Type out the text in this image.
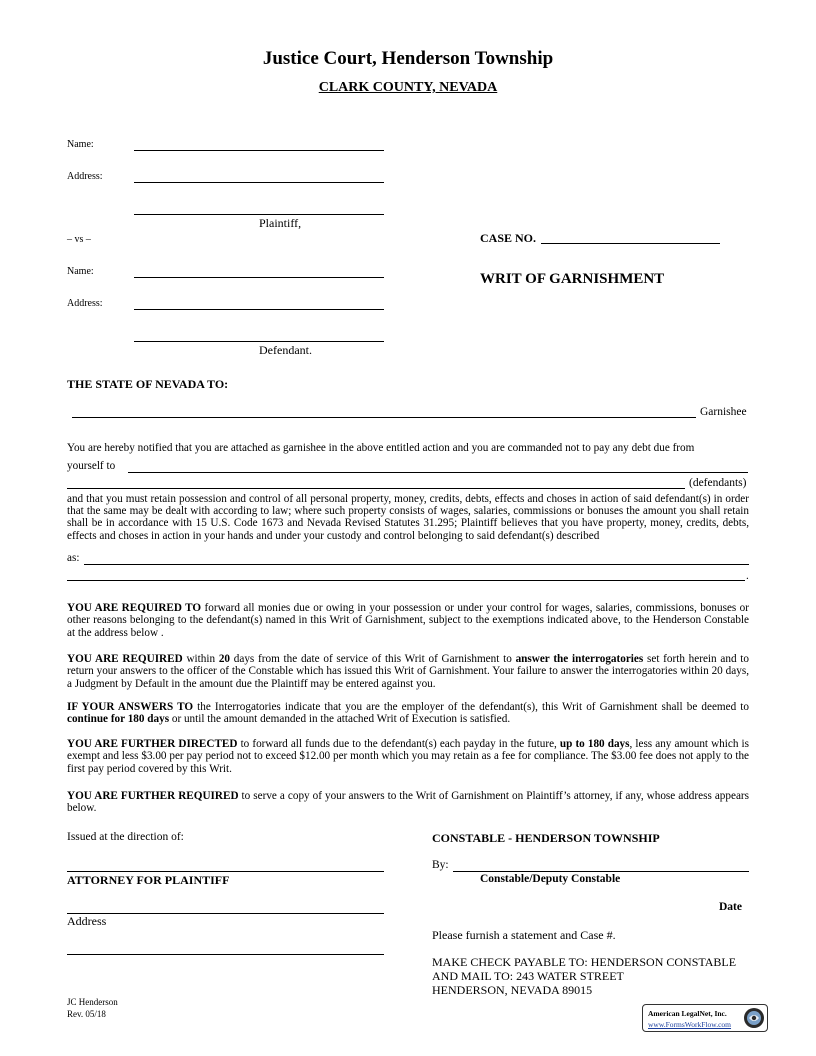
Justice Court, Henderson Township
CLARK COUNTY, NEVADA
Name:
Address:
Plaintiff,
– vs –
Name:
Address:
Defendant.
CASE NO.
WRIT OF GARNISHMENT
THE STATE OF NEVADA TO:
Garnishee
You are hereby notified that you are attached as garnishee in the above entitled action and you are commanded not to pay any debt due from
yourself to
(defendants)
and that you must retain possession and control of all personal property, money, credits, debts, effects and choses in action of said defendant(s) in order that the same may be dealt with according to law; where such property consists of wages, salaries, commissions or bonuses the amount you shall retain shall be in accordance with 15 U.S. Code 1673 and Nevada Revised Statutes 31.295; Plaintiff believes that you have property, money, credits, debts, effects and choses in action in your hands and under your custody and control belonging to said defendant(s) described
as:
.
YOU ARE REQUIRED TO forward all monies due or owing in your possession or under your control for wages, salaries, commissions, bonuses or other reasons belonging to the defendant(s) named in this Writ of Garnishment, subject to the exemptions indicated above, to the Henderson Constable at the address below .
YOU ARE REQUIRED within 20 days from the date of service of this Writ of Garnishment to answer the interrogatories set forth herein and to return your answers to the officer of the Constable which has issued this Writ of Garnishment. Your failure to answer the interrogatories within 20 days, a Judgment by Default in the amount due the Plaintiff may be entered against you.
IF YOUR ANSWERS TO the Interrogatories indicate that you are the employer of the defendant(s), this Writ of Garnishment shall be deemed to continue for 180 days or until the amount demanded in the attached Writ of Execution is satisfied.
YOU ARE FURTHER DIRECTED to forward all funds due to the defendant(s) each payday in the future, up to 180 days, less any amount which is exempt and less $3.00 per pay period not to exceed $12.00 per month which you may retain as a fee for compliance. The $3.00 fee does not apply to the first pay period covered by this Writ.
YOU ARE FURTHER REQUIRED to serve a copy of your answers to the Writ of Garnishment on Plaintiff’s attorney, if any, whose address appears below.
Issued at the direction of:
ATTORNEY FOR PLAINTIFF
Address
CONSTABLE - HENDERSON TOWNSHIP
By:
Constable/Deputy Constable
Date
Please furnish a statement and Case #.
MAKE CHECK PAYABLE TO: HENDERSON CONSTABLE
AND MAIL TO: 243 WATER STREET
HENDERSON, NEVADA 89015
JC Henderson
Rev. 05/18	American LegalNet, Inc.
www.FormsWorkFlow.com
